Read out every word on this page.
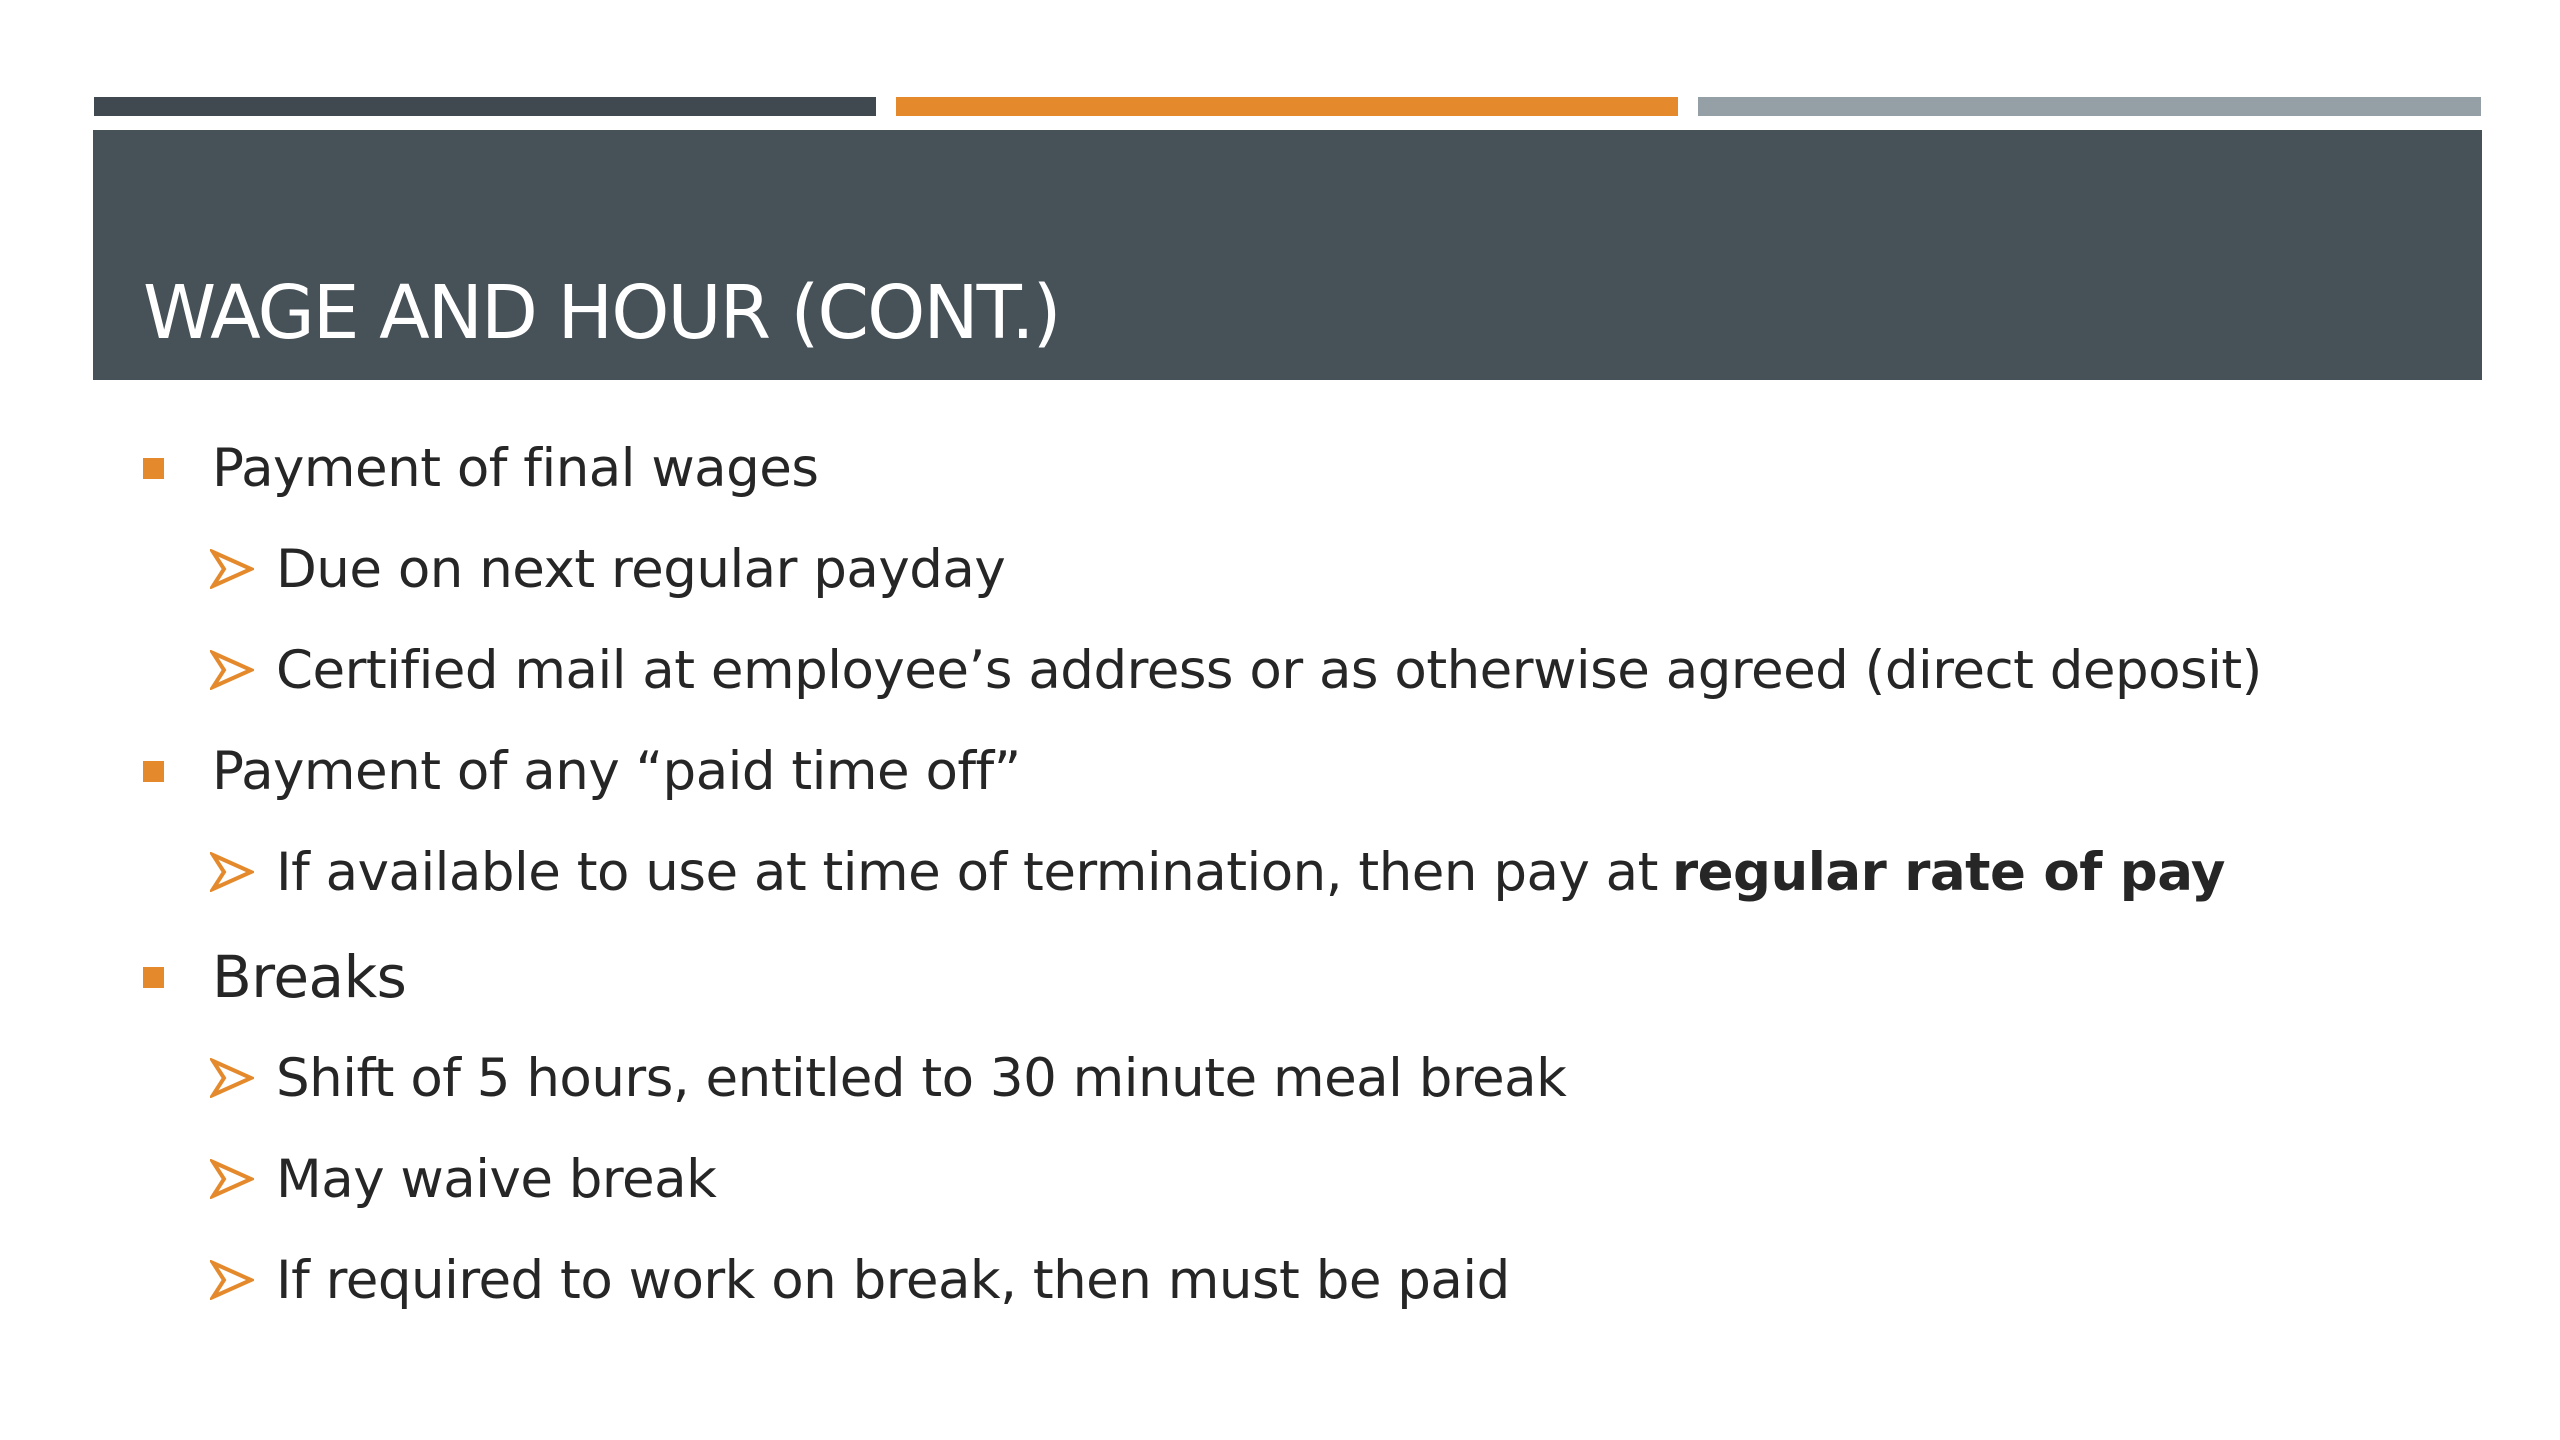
WAGE AND HOUR (CONT.)
Payment of final wages
Due on next regular payday
Certified mail at employee’s address or as otherwise agreed (direct deposit)
Payment of any “paid time off”
If available to use at time of termination, then pay at regular rate of pay
Breaks
Shift of 5 hours, entitled to 30 minute meal break
May waive break
If required to work on break, then must be paid
